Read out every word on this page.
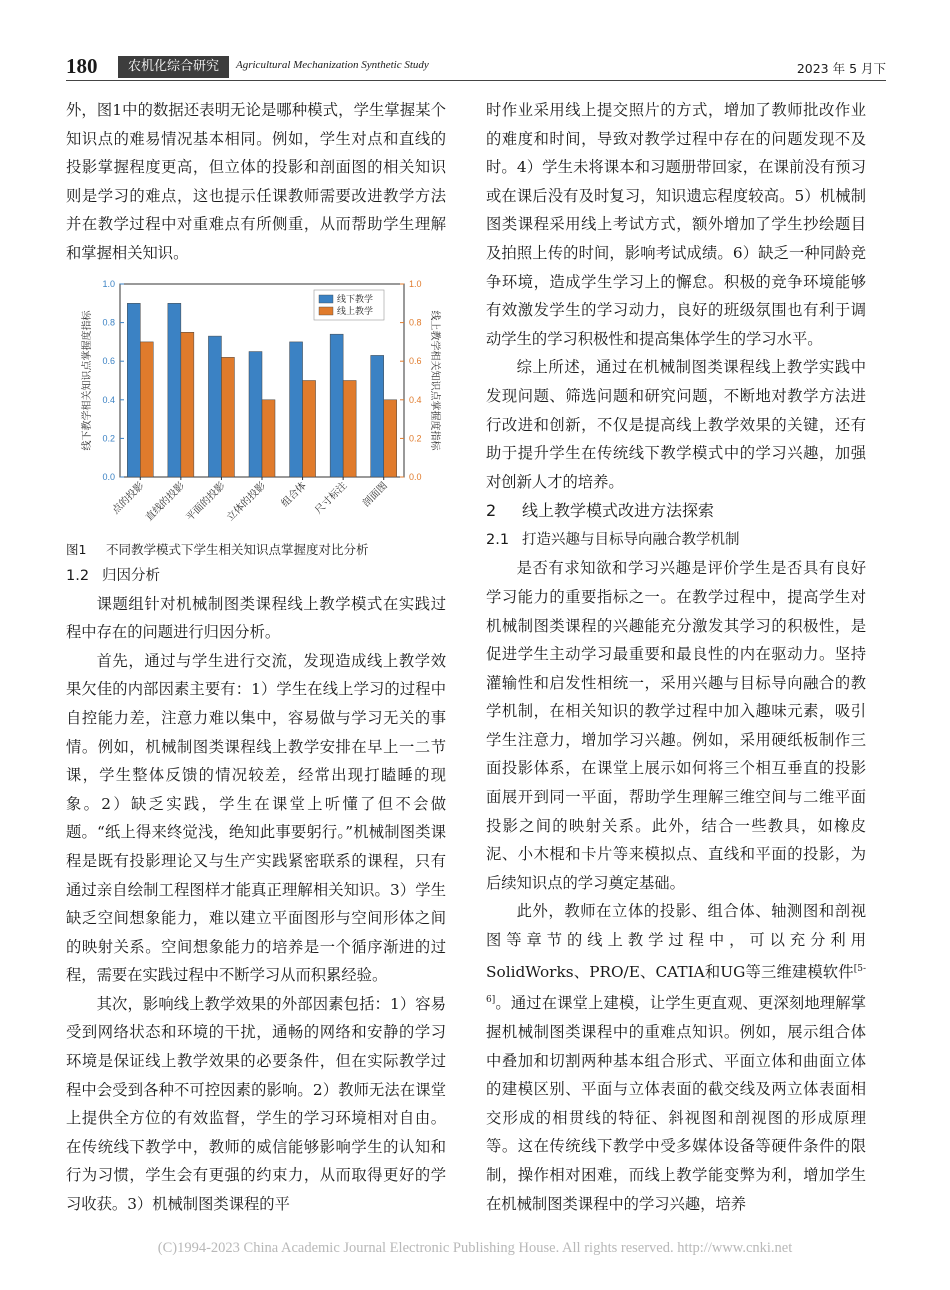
180	农机化综合研究	Agricultural Mechanization Synthetic Study	2023 年 5 月下

外，图1中的数据还表明无论是哪种模式，学生掌握某个知识点的难易情况基本相同。例如，学生对点和直线的投影掌握程度更高，但立体的投影和剖面图的相关知识则是学习的难点，这也提示任课教师需要改进教学方法并在教学过程中对重难点有所侧重，从而帮助学生理解和掌握相关知识。

0.0	0.0
0.2	0.2
0.4	0.4
0.6	0.6
0.8	0.8
1.0	1.0
线下教学相关知识点掌握度指标	线上教学相关知识点掌握度指标
点的投影
直线的投影
平面的投影
立体的投影 组合体 尺寸标注 剖面图
线下教学
线上教学

图1 不同教学模式下学生相关知识点掌握度对比分析

1.2 归因分析

课题组针对机械制图类课程线上教学模式在实践过程中存在的问题进行归因分析。

首先，通过与学生进行交流，发现造成线上教学效果欠佳的内部因素主要有：1）学生在线上学习的过程中自控能力差，注意力难以集中，容易做与学习无关的事情。例如，机械制图类课程线上教学安排在早上一二节课，学生整体反馈的情况较差，经常出现打瞌睡的现象。2）缺乏实践，学生在课堂上听懂了但不会做题。“纸上得来终觉浅，绝知此事要躬行。”机械制图类课程是既有投影理论又与生产实践紧密联系的课程，只有通过亲自绘制工程图样才能真正理解相关知识。3）学生缺乏空间想象能力，难以建立平面图形与空间形体之间的映射关系。空间想象能力的培养是一个循序渐进的过程，需要在实践过程中不断学习从而积累经验。

其次，影响线上教学效果的外部因素包括：1）容易受到网络状态和环境的干扰，通畅的网络和安静的学习环境是保证线上教学效果的必要条件，但在实际教学过程中会受到各种不可控因素的影响。2）教师无法在课堂上提供全方位的有效监督，学生的学习环境相对自由。在传统线下教学中，教师的威信能够影响学生的认知和行为习惯，学生会有更强的约束力，从而取得更好的学习收获。3）机械制图类课程的平

时作业采用线上提交照片的方式，增加了教师批改作业的难度和时间，导致对教学过程中存在的问题发现不及时。4）学生未将课本和习题册带回家，在课前没有预习或在课后没有及时复习，知识遗忘程度较高。5）机械制图类课程采用线上考试方式，额外增加了学生抄绘题目及拍照上传的时间，影响考试成绩。6）缺乏一种同龄竞争环境，造成学生学习上的懈怠。积极的竞争环境能够有效激发学生的学习动力，良好的班级氛围也有利于调动学生的学习积极性和提高集体学生的学习水平。

综上所述，通过在机械制图类课程线上教学实践中发现问题、筛选问题和研究问题，不断地对教学方法进行改进和创新，不仅是提高线上教学效果的关键，还有助于提升学生在传统线下教学模式中的学习兴趣，加强对创新人才的培养。

2 线上教学模式改进方法探索

2.1 打造兴趣与目标导向融合教学机制

是否有求知欲和学习兴趣是评价学生是否具有良好学习能力的重要指标之一。在教学过程中，提高学生对机械制图类课程的兴趣能充分激发其学习的积极性，是促进学生主动学习最重要和最良性的内在驱动力。坚持灌输性和启发性相统一，采用兴趣与目标导向融合的教学机制，在相关知识的教学过程中加入趣味元素，吸引学生注意力，增加学习兴趣。例如，采用硬纸板制作三面投影体系，在课堂上展示如何将三个相互垂直的投影面展开到同一平面，帮助学生理解三维空间与二维平面投影之间的映射关系。此外，结合一些教具，如橡皮泥、小木棍和卡片等来模拟点、直线和平面的投影，为后续知识点的学习奠定基础。

此外，教师在立体的投影、组合体、轴测图和剖视图等章节的线上教学过程中，可以充分利用SolidWorks、PRO/E、CATIA和UG等三维建模软件[5-6]。通过在课堂上建模，让学生更直观、更深刻地理解掌握机械制图类课程中的重难点知识。例如，展示组合体中叠加和切割两种基本组合形式、平面立体和曲面立体的建模区别、平面与立体表面的截交线及两立体表面相交形成的相贯线的特征、斜视图和剖视图的形成原理等。这在传统线下教学中受多媒体设备等硬件条件的限制，操作相对困难，而线上教学能变弊为利，增加学生在机械制图类课程中的学习兴趣，培养

(C)1994-2023 China Academic Journal Electronic Publishing House. All rights reserved. http://www.cnki.net
